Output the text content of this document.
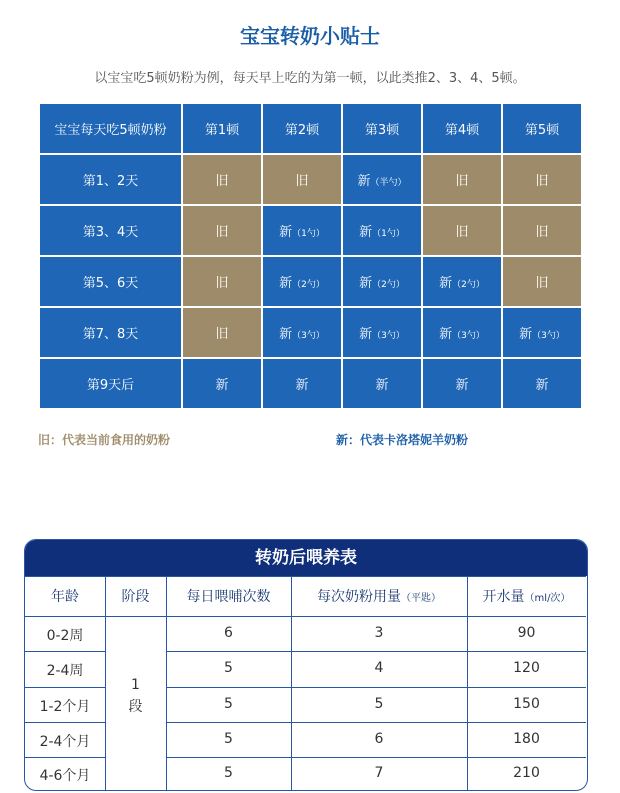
宝宝转奶小贴士
以宝宝吃5顿奶粉为例，每天早上吃的为第一顿，以此类推2、3、4、5顿。
宝宝每天吃5顿奶粉	第1顿	第2顿	第3顿	第4顿	第5顿
第1、2天	旧	旧	新（半勺）	旧	旧
第3、4天	旧	新（1勺）	新（1勺）	旧	旧
第5、6天	旧	新（2勺）	新（2勺）	新（2勺）	旧
第7、8天	旧	新（3勺）	新（3勺）	新（3勺）	新（3勺）
第9天后	新	新	新	新	新
旧：代表当前食用的奶粉	新：代表卡洛塔妮羊奶粉
转奶后喂养表
年龄	阶段	每日喂哺次数	每次奶粉用量（平匙）	开水量（ml/次）
1段
0-2周	6	3	90
2-4周	5	4	120
1-2个月	5	5	150
2-4个月	5	6	180
4-6个月	5	7	210
